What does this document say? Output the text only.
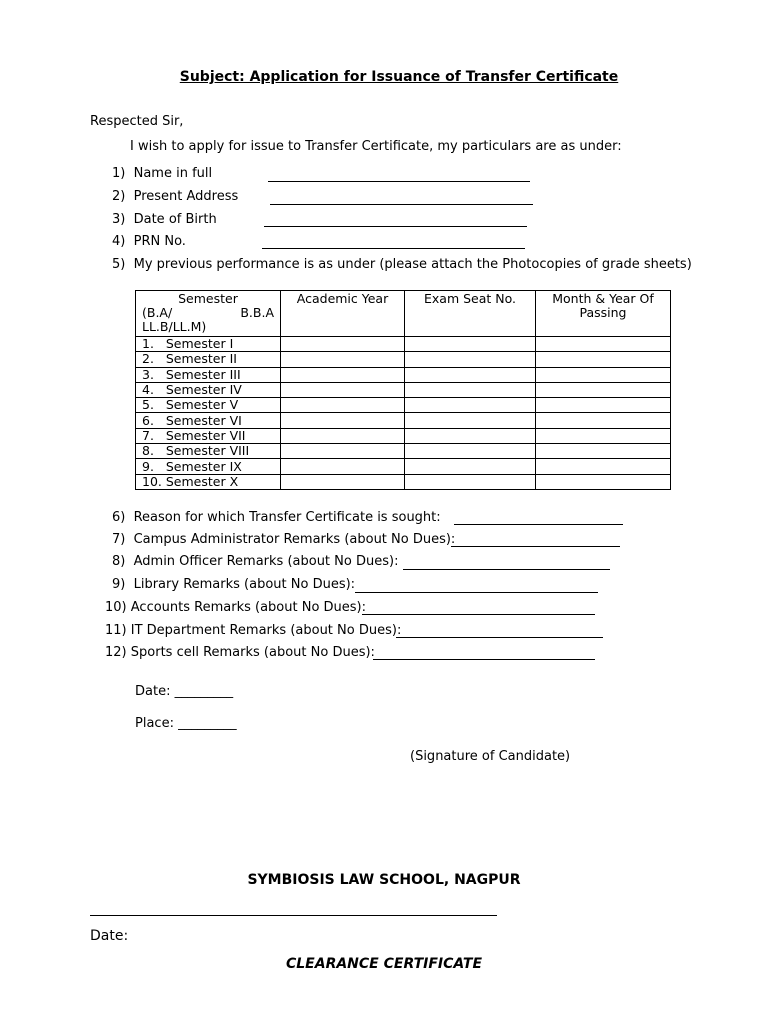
Subject: Application for Issuance of Transfer Certificate
Respected Sir,
I wish to apply for issue to Transfer Certificate, my particulars are as under:
1) Name in full
2) Present Address
3) Date of Birth
4) PRN No.
5) My previous performance is as under (please attach the Photocopies of grade sheets)
Semester
(B.A/ B.B.A
LL.B/LL.M)	Academic Year	Exam Seat No.	Month & Year Of Passing
1. Semester I			
2. Semester II			
3. Semester III			
4. Semester IV			
5. Semester V			
6. Semester VI			
7. Semester VII			
8. Semester VIII			
9. Semester IX			
10. Semester X			
6) Reason for which Transfer Certificate is sought:
7) Campus Administrator Remarks (about No Dues):
8) Admin Officer Remarks (about No Dues):
9) Library Remarks (about No Dues):
10) Accounts Remarks (about No Dues):
11) IT Department Remarks (about No Dues):
12) Sports cell Remarks (about No Dues):
Date: _________
Place: _________
(Signature of Candidate)
SYMBIOSIS LAW SCHOOL, NAGPUR
Date:
CLEARANCE CERTIFICATE
